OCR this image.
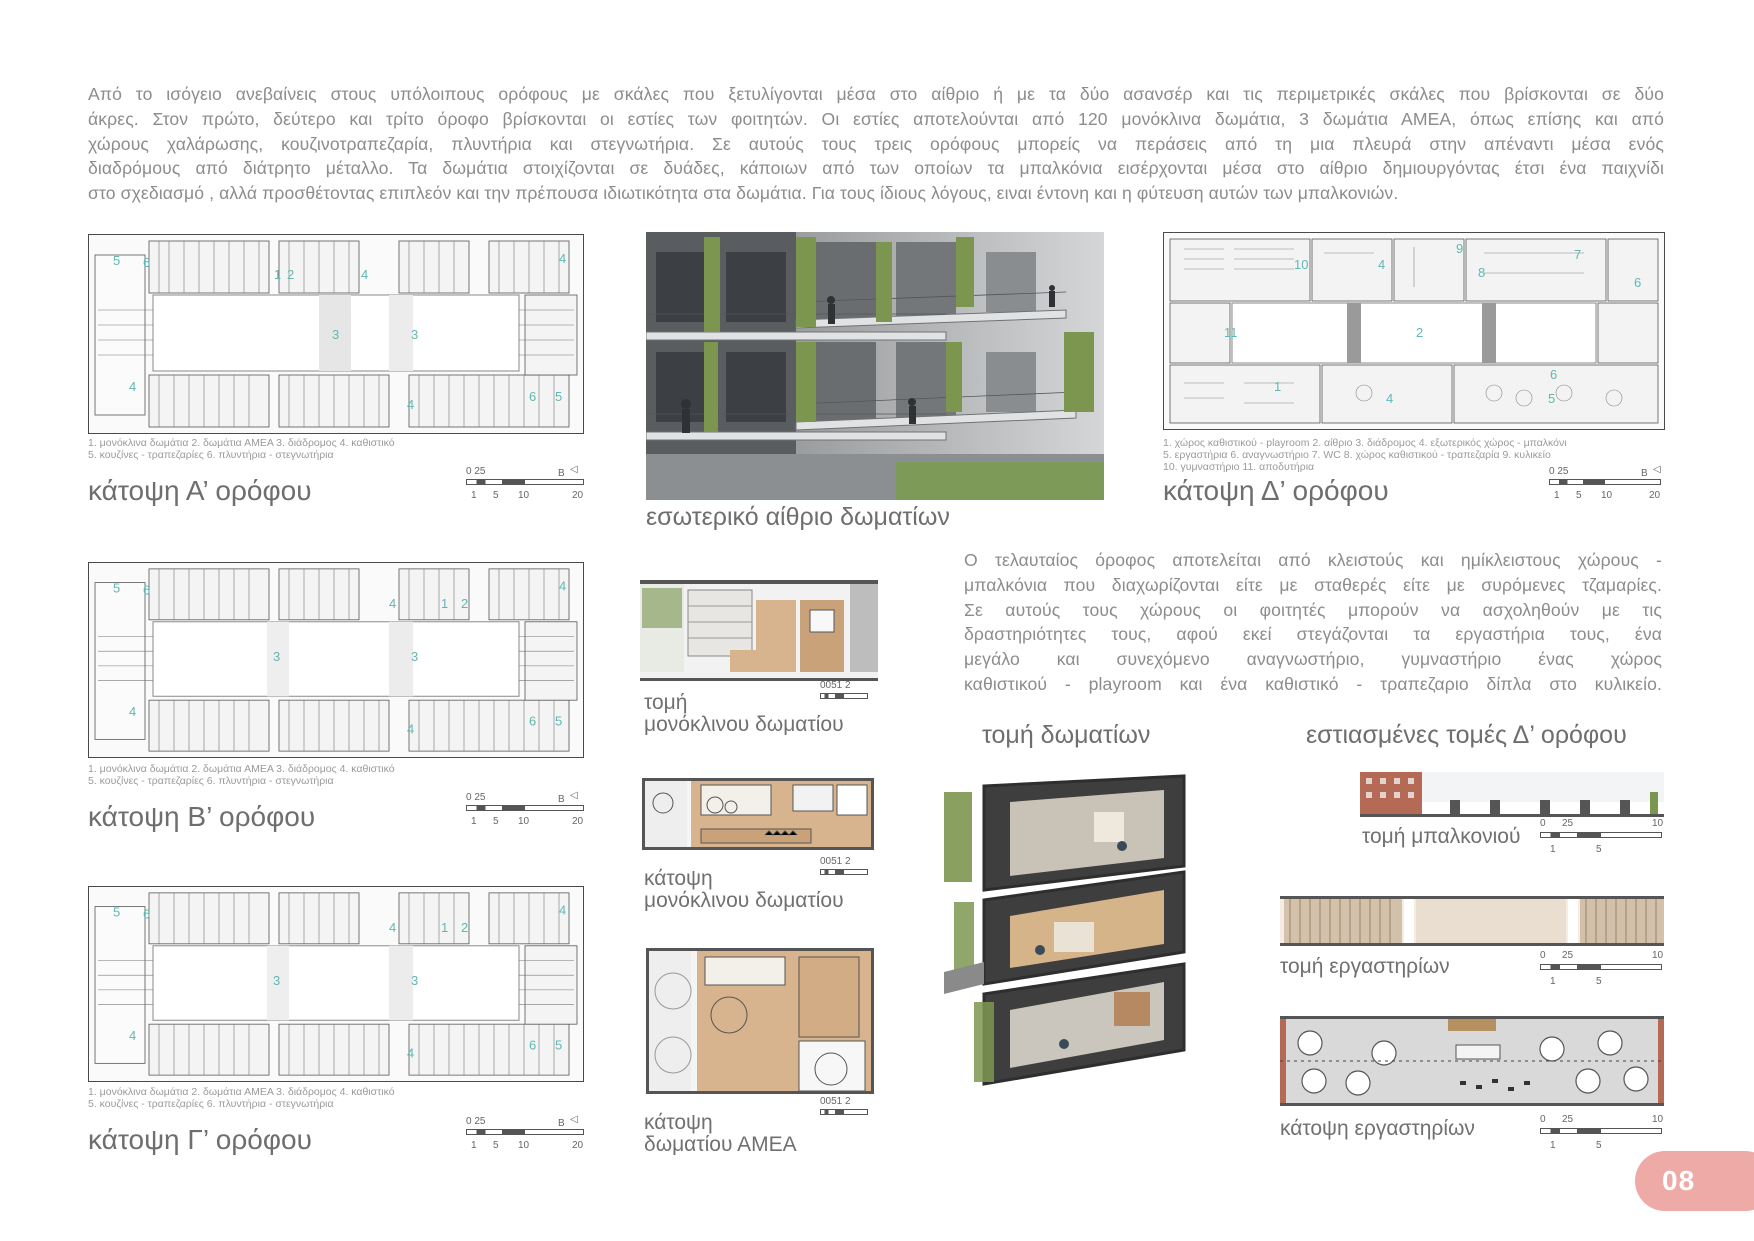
Από το ισόγειο ανεβαίνεις στους υπόλοιπους ορόφους με σκάλες που ξετυλίγονται μέσα στο αίθριο ή με τα δύο ασανσέρ και τις περιμετρικές σκάλες που βρίσκονται σε δύο

άκρες. Στον πρώτο, δεύτερο και τρίτο όροφο βρίσκονται οι εστίες των φοιτητών. Οι εστίες αποτελούνται από 120 μονόκλινα δωμάτια, 3 δωμάτια ΑΜΕΑ, όπως επίσης και από

χώρους χαλάρωσης, κουζινοτραπεζαρία, πλυντήρια και στεγνωτήρια. Σε αυτούς τους τρεις ορόφους μπορείς να περάσεις από τη μια πλευρά στην απέναντι μέσα ενός

διαδρόμους από διάτρητο μέταλλο. Τα δωμάτια στοιχίζονται σε δυάδες, κάποιων από των οποίων τα μπαλκόνια εισέρχονται μέσα στο αίθριο δημιουργόντας έτσι ένα παιχνίδι

στο σχεδιασμό , αλλά προσθέτοντας επιπλεόν και την πρέπουσα ιδιωτικότητα στα δωμάτια. Για τους ίδιους λόγους, ειναι έντονη και η φύτευση αυτών των μπαλκονιών.

5 6
1 2	4
4
3	3
4
4
6 5
1. μονόκλινα δωμάτια 2. δωμάτια ΑΜΕΑ 3. διάδρομος 4. καθιστικό
5. κουζίνες - τραπεζαρίες 6. πλυντήρια - στεγνωτήρια
κάτοψη Α’ ορόφου
0 25	B ◁
1 5 10	20
5 6
4	1 2
4
3	3
4
4
6 5
1. μονόκλινα δωμάτια 2. δωμάτια ΑΜΕΑ 3. διάδρομος 4. καθιστικό
5. κουζίνες - τραπεζαρίες 6. πλυντήρια - στεγνωτήρια
κάτοψη Β’ ορόφου
0 25	B ◁
1 5 10	20
5 6
4	1 2
4
3	3
4
4
6 5
1. μονόκλινα δωμάτια 2. δωμάτια ΑΜΕΑ 3. διάδρομος 4. καθιστικό
5. κουζίνες - τραπεζαρίες 6. πλυντήρια - στεγνωτήρια
κάτοψη Γ’ ορόφου
0 25	B ◁
1 5 10	20
εσωτερικό αίθριο δωματίων
10	4
9
8
7
6
11	2
1
4
6
5
1. χώρος καθιστικού - playroom 2. αίθριο 3. διάδρομος 4. εξωτερικός χώρος - μπαλκόνι
5. εργαστήρια 6. αναγνωστήριο 7. WC 8. χώρος καθιστικού - τραπεζαρία 9. κυλικείο
10. γυμναστήριο 11. αποδυτήρια
κάτοψη Δ’ ορόφου
0 25	B ◁
1 5 10	20

Ο τελαυταίος όροφος αποτελείται από κλειστούς και ημίκλειστους χώρους -

μπαλκόνια που διαχωρίζονται είτε με σταθερές είτε με συρόμενες τζαμαρίες.

Σε αυτούς τους χώρους οι φοιτητές μπορούν να ασχοληθούν με τις

δραστηριότητες τους, αφού εκεί στεγάζονται τα εργαστήρια τους, ένα

μεγάλο και συνεχόμενο αναγνωστήριο, γυμναστήριο ένας χώρος

καθιστικού - playroom και ένα καθιστικό - τραπεζαριο δίπλα στο κυλικείο.

0051 2
τομή
μονόκλινου δωματίου
0051 2
κάτοψη
μονόκλινου δωματίου
0051 2
κάτοψη
δωματίου ΑΜΕΑ
τομή δωματίων	εστιασμένες τομές Δ’ ορόφου
τομή μπαλκονιού
0 25	10
1	5
τομή εργαστηρίων	0 25	10
1	5
κάτοψη εργαστηρίων	0 25	10
1	5
08
